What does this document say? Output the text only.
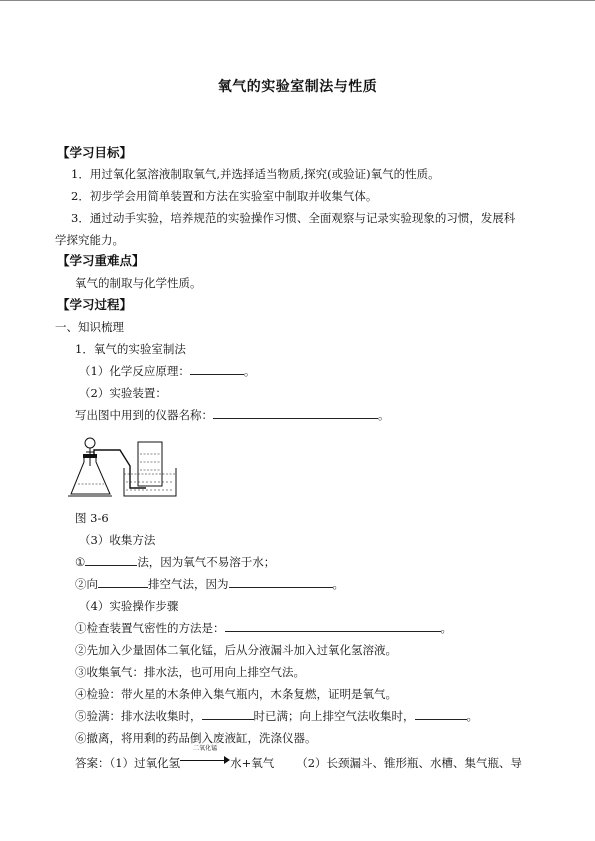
氧气的实验室制法与性质
【学习目标】
1．用过氧化氢溶液制取氧气,并选择适当物质,探究(或验证)氧气的性质。
2．初步学会用简单装置和方法在实验室中制取并收集气体。
3．通过动手实验，培养规范的实验操作习惯、全面观察与记录实验现象的习惯，发展科
学探究能力。
【学习重难点】
氧气的制取与化学性质。
【学习过程】
一、知识梳理
1．氧气的实验室制法
（1）化学反应原理：	。
（2）实验装置：
写出图中用到的仪器名称：	。
图 3-6
（3）收集方法
①	法，因为氧气不易溶于水；
②向	排空气法，因为	。
（4）实验操作步骤
①检查装置气密性的方法是：	。
②先加入少量固体二氧化锰，后从分液漏斗加入过氧化氢溶液。
③收集氧气：排水法，也可用向上排空气法。
④检验：带火星的木条伸入集气瓶内，木条复燃，证明是氧气。
⑤验满：排水法收集时，	时已满；向上排空气法收集时，	。
⑥撤离，将用剩的药品倒入废液缸，洗涤仪器。
答案：（1）过氧化氢
二氧化锰
水+氧气 （2）长颈漏斗、锥形瓶、水槽、集气瓶、导
